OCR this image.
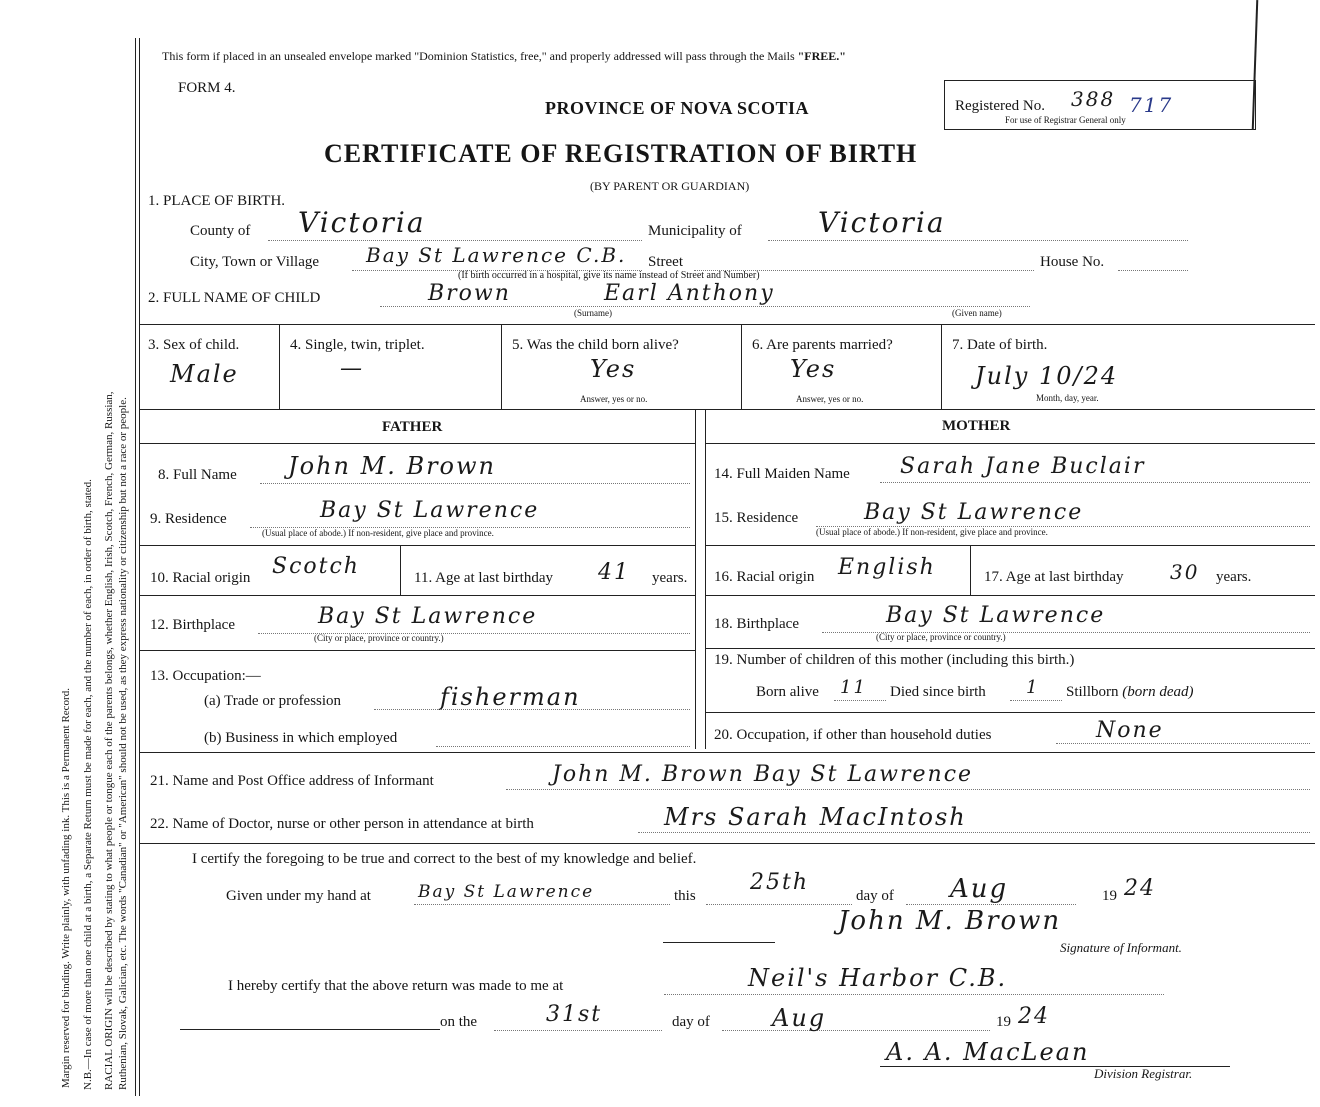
Margin reserved for binding. Write plainly, with unfading ink. This is a Permanent Record. N.B.—In case of more than one child at a birth, a Separate Return must be made for each, and the number of each, in order of birth, stated. RACIAL ORIGIN will be described by stating to what people or tongue each of the parents belongs, whether English, Irish, Scotch, French, German, Russian, Ruthenian, Slovak, Galician, etc. The words "Canadian" or "American" should not be used, as they express nationality or citizenship but not a race or people.
This form if placed in an unsealed envelope marked "Dominion Statistics, free," and properly addressed will pass through the Mails "FREE."
FORM 4.
PROVINCE OF NOVA SCOTIA
CERTIFICATE OF REGISTRATION OF BIRTH
(BY PARENT OR GUARDIAN)
Registered No. 388 717
For use of Registrar General only
1. PLACE OF BIRTH.
County of Victoria	Municipality of	Victoria
City, Town or Village Bay St Lawrence C.B. Street	House No.
(If birth occurred in a hospital, give its name instead of Street and Number)
2. FULL NAME OF CHILD	Brown	Earl Anthony
(Surname)	(Given name)
3. Sex of child.
Male
4. Single, twin, triplet.
—
5. Was the child born alive?
Yes
Answer, yes or no.
6. Are parents married?
Yes
Answer, yes or no.
7. Date of birth.
July 10/24
Month, day, year.
FATHER	MOTHER
8. Full Name John M. Brown
9. Residence	Bay St Lawrence
(Usual place of abode.) If non-resident, give place and province.
10. Racial origin Scotch	11. Age at last birthday 41 years.
12. Birthplace	Bay St Lawrence
(City or place, province or country.)
13. Occupation:—
(a) Trade or profession	fisherman
(b) Business in which employed
14. Full Maiden Name Sarah Jane Buclair
15. Residence	Bay St Lawrence
(Usual place of abode.) If non-resident, give place and province.
16. Racial origin English	17. Age at last birthday 30 years.
18. Birthplace	Bay St Lawrence
(City or place, province or country.)
19. Number of children of this mother (including this birth.)
Born alive 11 Died since birth 1 Stillborn (born dead)
20. Occupation, if other than household duties	None
21. Name and Post Office address of Informant	John M. Brown Bay St Lawrence
22. Name of Doctor, nurse or other person in attendance at birth	Mrs Sarah MacIntosh
I certify the foregoing to be true and correct to the best of my knowledge and belief.
Given under my hand at	Bay St Lawrence	this
25th
day of Aug	19 24
John M. Brown
Signature of Informant.
I hereby certify that the above return was made to me at	Neil's Harbor C.B.
on the	31st	day of	Aug	19 24
A. A. MacLean
Division Registrar.
